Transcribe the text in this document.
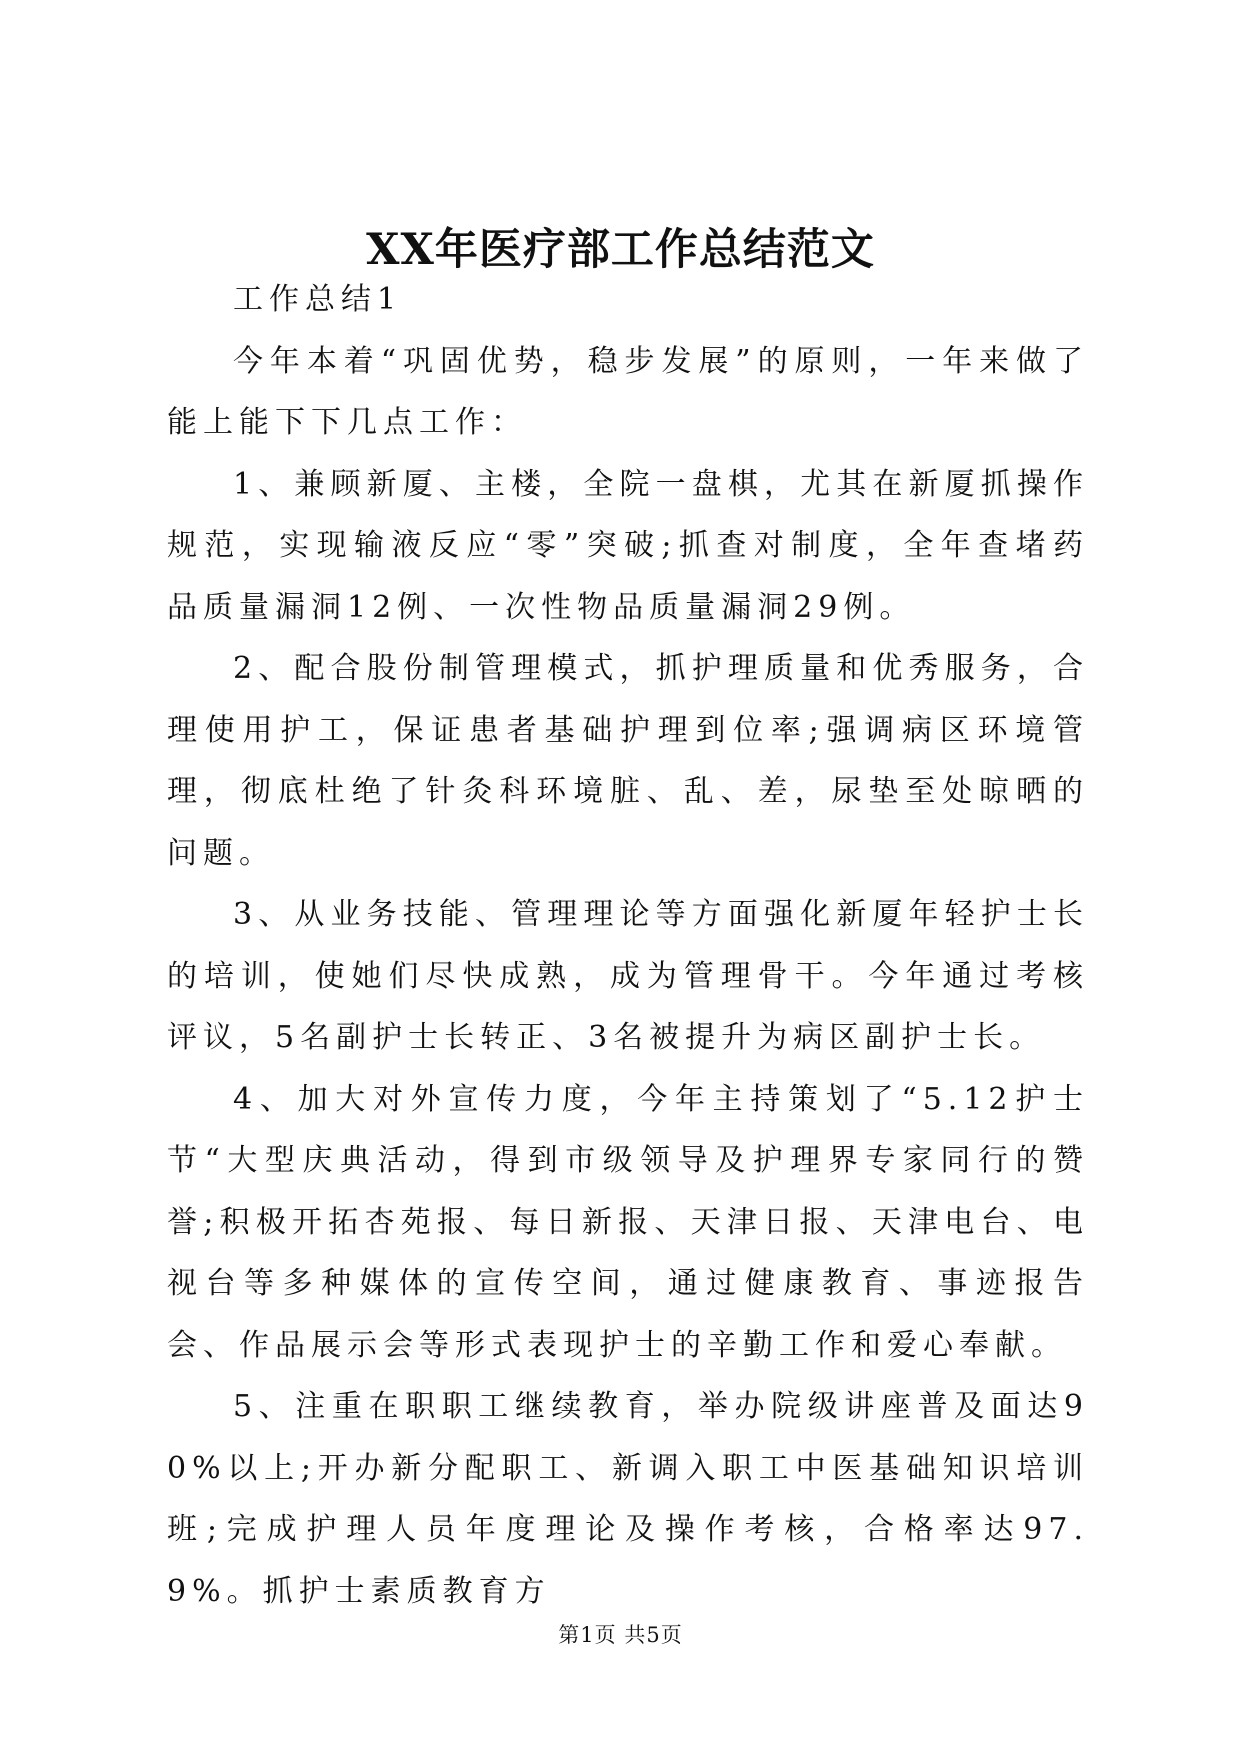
XX年医疗部工作总结范文

工作总结1

今年本着“巩固优势，稳步发展”的原则，一年来做了能上能下下几点工作：

1、兼顾新厦、主楼，全院一盘棋，尤其在新厦抓操作规范，实现输液反应“零”突破;抓查对制度，全年查堵药品质量漏洞12例、一次性物品质量漏洞29例。

2、配合股份制管理模式，抓护理质量和优秀服务，合理使用护工，保证患者基础护理到位率;强调病区环境管理，彻底杜绝了针灸科环境脏、乱、差，尿垫至处晾晒的问题。

3、从业务技能、管理理论等方面强化新厦年轻护士长的培训，使她们尽快成熟，成为管理骨干。今年通过考核评议，5名副护士长转正、3名被提升为病区副护士长。

4、加大对外宣传力度，今年主持策划了“5.12护士节“大型庆典活动，得到市级领导及护理界专家同行的赞誉;积极开拓杏苑报、每日新报、天津日报、天津电台、电视台等多种媒体的宣传空间，通过健康教育、事迹报告会、作品展示会等形式表现护士的辛勤工作和爱心奉献。

5、注重在职职工继续教育，举办院级讲座普及面达90%以上;开办新分配职工、新调入职工中医基础知识培训班;完成护理人员年度理论及操作考核，合格率达97.9%。抓护士素质教育方

第1页 共5页
